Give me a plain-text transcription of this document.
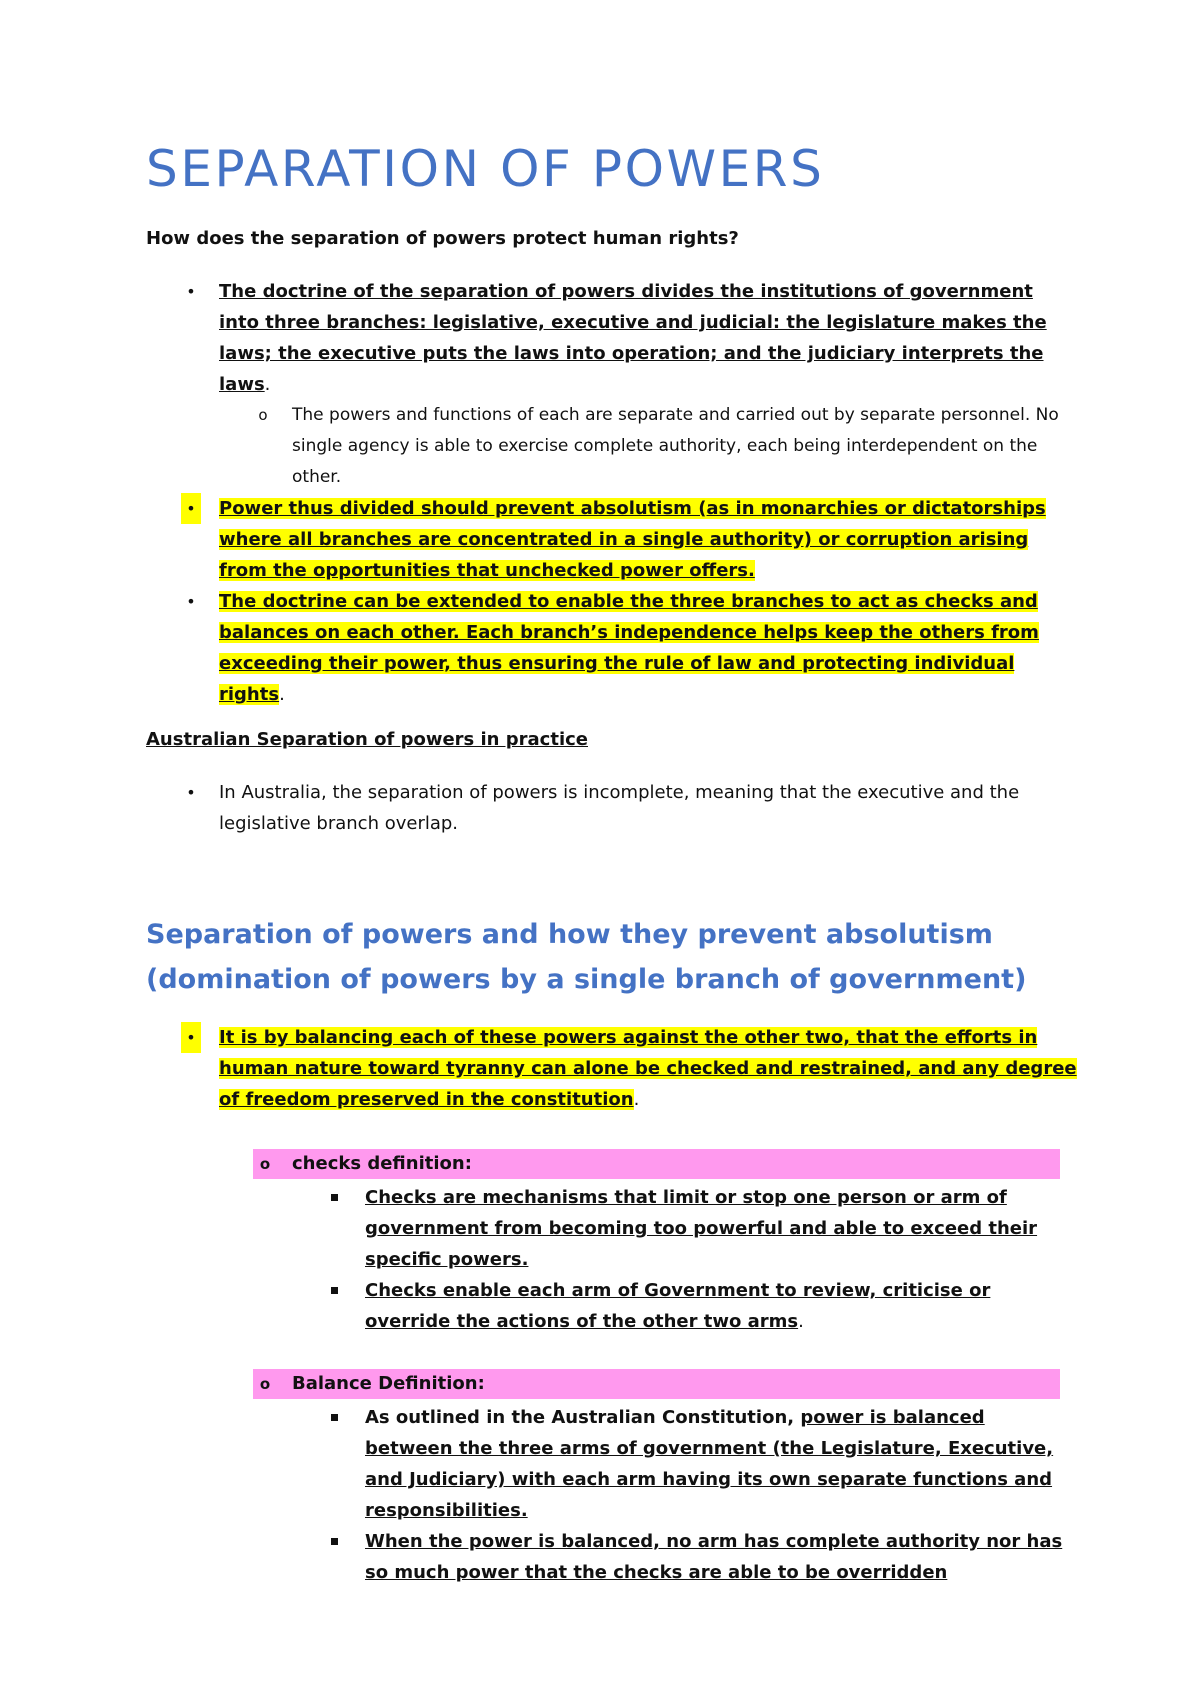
SEPARATION OF POWERS

How does the separation of powers protect human rights?

• The doctrine of the separation of powers divides the institutions of government into three branches: legislative, executive and judicial: the legislature makes the laws; the executive puts the laws into operation; and the judiciary interprets the laws.
o The powers and functions of each are separate and carried out by separate personnel. No single agency is able to exercise complete authority, each being interdependent on the other.
• Power thus divided should prevent absolutism (as in monarchies or dictatorships where all branches are concentrated in a single authority) or corruption arising from the opportunities that unchecked power offers.
• The doctrine can be extended to enable the three branches to act as checks and balances on each other. Each branch’s independence helps keep the others from exceeding their power, thus ensuring the rule of law and protecting individual rights.

Australian Separation of powers in practice

• In Australia, the separation of powers is incomplete, meaning that the executive and the legislative branch overlap.
Separation of powers and how they prevent absolutism
(domination of powers by a single branch of government)
• It is by balancing each of these powers against the other two, that the efforts in human nature toward tyranny can alone be checked and restrained, and any degree of freedom preserved in the constitution.
o	checks definition:
Checks are mechanisms that limit or stop one person or arm of government from becoming too powerful and able to exceed their specific powers.
Checks enable each arm of Government to review, criticise or override the actions of the other two arms.
o	Balance Definition:
As outlined in the Australian Constitution, power is balanced between the three arms of government (the Legislature, Executive, and Judiciary) with each arm having its own separate functions and responsibilities.
When the power is balanced, no arm has complete authority nor has so much power that the checks are able to be overridden
